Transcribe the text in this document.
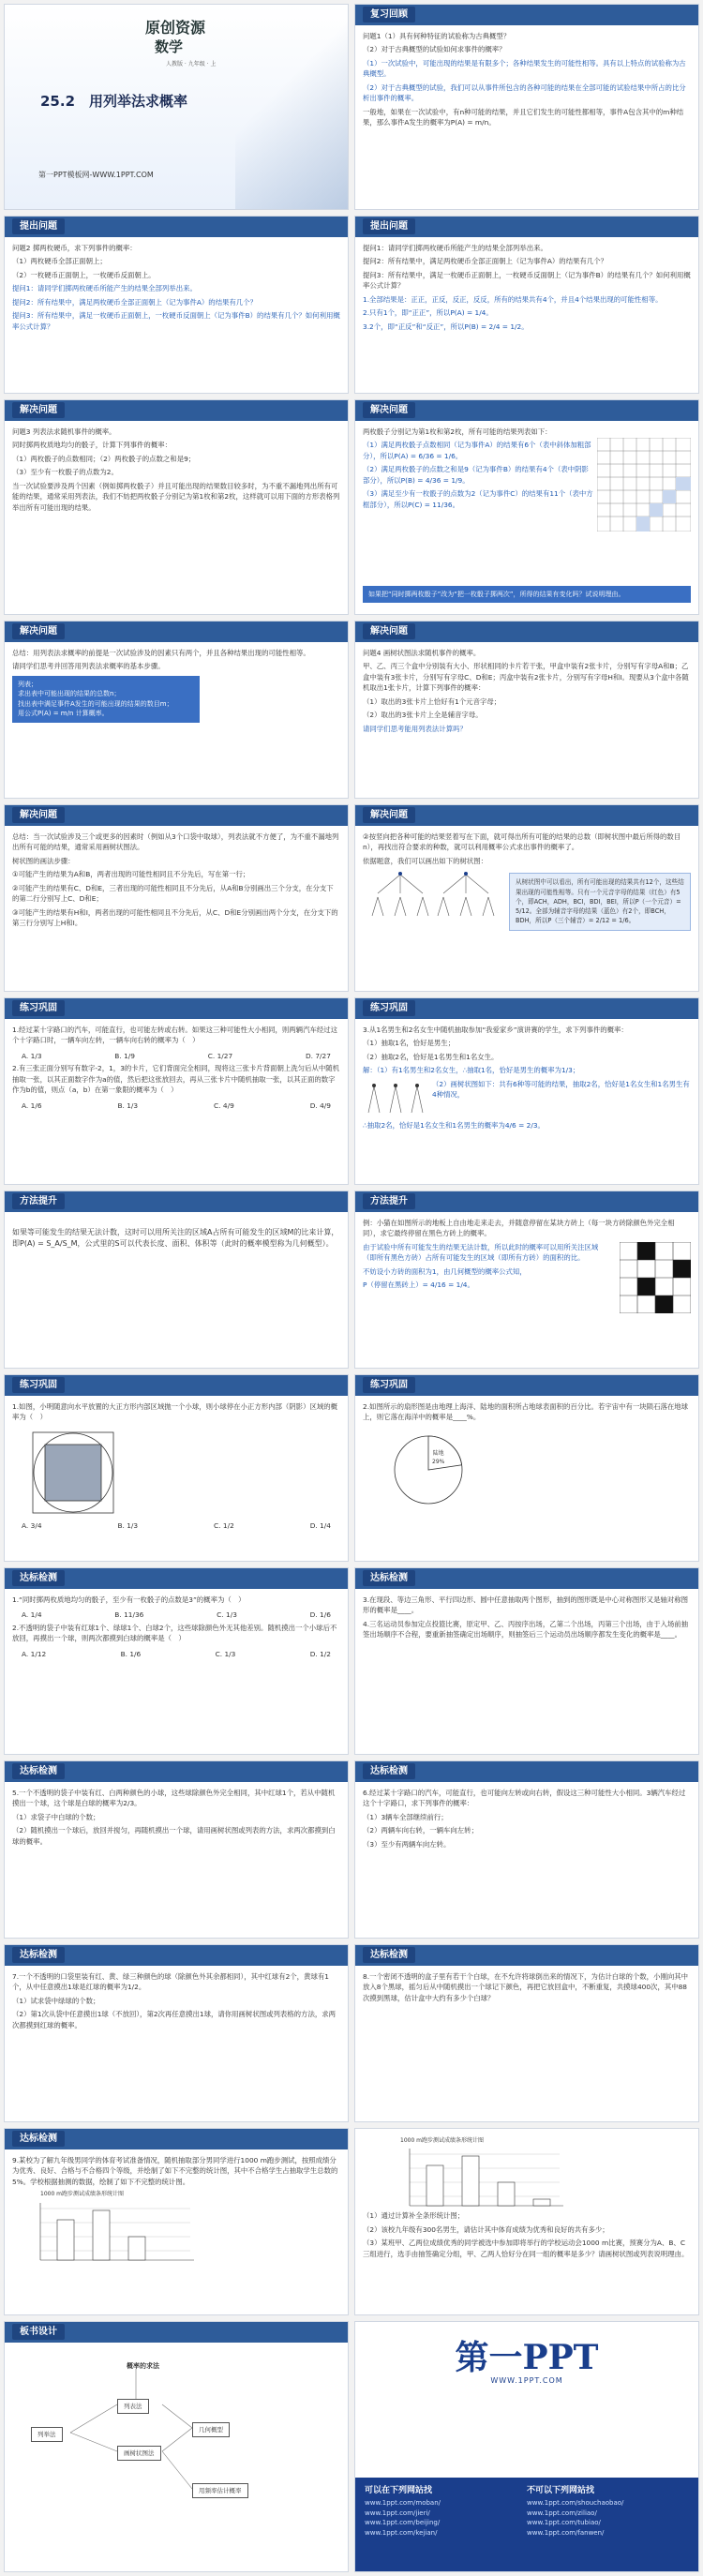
原创资源
数学
人教版 · 九年级 · 上
25.2　用列举法求概率
第一PPT模板网-WWW.1PPT.COM
复习回顾

问题1（1）具有何种特征的试验称为古典概型？

（2）对于古典概型的试验如何求事件的概率？

（1）一次试验中，可能出现的结果是有限多个；各种结果发生的可能性相等。具有以上特点的试验称为古典概型。

（2）对于古典概型的试验，我们可以从事件所包含的各种可能的结果在全部可能的试验结果中所占的比分析出事件的概率。

一般地，如果在一次试验中，有n种可能的结果，并且它们发生的可能性都相等，事件A包含其中的m种结果，那么事件A发生的概率为P(A) = m/n。

提出问题

问题2 掷两枚硬币，求下列事件的概率：

（1）两枚硬币全部正面朝上；

（2）一枚硬币正面朝上，一枚硬币反面朝上。

提问1：请同学们掷两枚硬币所能产生的结果全部列举出来。

提问2：所有结果中，满足两枚硬币全部正面朝上（记为事件A）的结果有几个？

提问3：所有结果中，满足一枚硬币正面朝上，一枚硬币反面朝上（记为事件B）的结果有几个？如何利用概率公式计算？

提出问题

提问1：请同学们掷两枚硬币所能产生的结果全部列举出来。

提问2：所有结果中，满足两枚硬币全部正面朝上（记为事件A）的结果有几个？

提问3：所有结果中，满足一枚硬币正面朝上，一枚硬币反面朝上（记为事件B）的结果有几个？如何利用概率公式计算？

1.全部结果是：正正，正反，反正，反反，所有的结果共有4个，并且4个结果出现的可能性相等。

2.只有1个，即“正正”，所以P(A) = 1/4。

3.2个，即“正反”和“反正”，所以P(B) = 2/4 = 1/2。

解决问题

问题3 列表法求随机事件的概率。

同时掷两枚质地均匀的骰子，计算下列事件的概率：

（1）两枚骰子的点数相同；（2）两枚骰子的点数之和是9；

（3）至少有一枚骰子的点数为2。

当一次试验要涉及两个因素（例如掷两枚骰子）并且可能出现的结果数目较多时，为不重不漏地列出所有可能的结果，通常采用列表法，我们不妨把两枚骰子分别记为第1枚和第2枚，这样就可以用下面的方形表格列举出所有可能出现的结果。

解决问题

两枚骰子分别记为第1枚和第2枚，所有可能的结果列表如下：

（1）满足两枚骰子点数相同（记为事件A）的结果有6个（表中斜体加粗部分），所以P(A) = 6/36 = 1/6。

（2）满足两枚骰子的点数之和是9（记为事件B）的结果有4个（表中阴影部分），所以P(B) = 4/36 = 1/9。

（3）满足至少有一枚骰子的点数为2（记为事件C）的结果有11个（表中方框部分），所以P(C) = 11/36。

如果把“同时掷两枚骰子”改为“把一枚骰子掷两次”，所得的结果有变化吗？试说明理由。
解决问题

总结：用列表法求概率的前提是一次试验涉及的因素只有两个，并且各种结果出现的可能性相等。

请同学们思考并回答用列表法求概率的基本步骤。

列表；
求出表中可能出现的结果的总数n；
找出表中满足事件A发生的可能出现的结果的数目m；
用公式P(A) = m/n 计算概率。
解决问题

问题4 画树状图法求随机事件的概率。

甲、乙、丙三个盒中分别装有大小、形状相同的卡片若干张，甲盒中装有2张卡片，分别写有字母A和B；乙盒中装有3张卡片，分别写有字母C、D和E；丙盒中装有2张卡片，分别写有字母H和I。现要从3个盒中各随机取出1张卡片，计算下列事件的概率：

（1）取出的3张卡片上恰好有1个元音字母；

（2）取出的3张卡片上全是辅音字母。

请同学们思考能用列表法计算吗？

解决问题

总结：当一次试验涉及三个或更多的因素时（例如从3个口袋中取球），列表法就不方便了，为不重不漏地列出所有可能的结果，通常采用画树状图法。

树状图的画法步骤：

①可能产生的结果为A和B，两者出现的可能性相同且不分先后，写在第一行；

②可能产生的结果有C、D和E，三者出现的可能性相同且不分先后，从A和B分别画出三个分支，在分支下的第二行分别写上C、D和E；

③可能产生的结果有H和I，两者出现的可能性相同且不分先后，从C、D和E分别画出两个分支，在分支下的第三行分别写上H和I。

解决问题

②按竖向把各种可能的结果竖着写在下面，就可得出所有可能的结果的总数（即树状图中最后所得的数目n），再找出符合要求的种数，就可以利用概率公式求出事件的概率了。

依据题意，我们可以画出如下的树状图：

从树状图中可以看出，所有可能出现的结果共有12个，这些结果出现的可能性相等。只有一个元音字母的结果（红色）有5个，即ACH，ADH，BCI，BDI，BEI，所以P（一个元音）= 5/12。全部为辅音字母的结果（蓝色）有2个，即BCH，BDH，所以P（三个辅音）= 2/12 = 1/6。
练习巩固

1.经过某十字路口的汽车，可能直行，也可能左转或右转。如果这三种可能性大小相同，则两辆汽车经过这个十字路口时，一辆车向左转，一辆车向右转的概率为（　）

A. 1/3	B. 1/9	C. 1/27	D. 7/27

2.有三张正面分别写有数字-2，1，3的卡片，它们背面完全相同，现将这三张卡片背面朝上洗匀后从中随机抽取一张，以其正面数字作为a的值，然后把这张放回去，再从三张卡片中随机抽取一张，以其正面的数字作为b的值，则点（a，b）在第一象限的概率为（　）

A. 1/6	B. 1/3	C. 4/9	D. 4/9
练习巩固

3.从1名男生和2名女生中随机抽取参加“我爱家乡”演讲赛的学生，求下列事件的概率：

（1）抽取1名，恰好是男生；

（2）抽取2名，恰好是1名男生和1名女生。

解：（1）有1名男生和2名女生，∴抽取1名，恰好是男生的概率为1/3；

（2）画树状图如下：共有6种等可能的结果，抽取2名，恰好是1名女生和1名男生有4种情况，

∴抽取2名，恰好是1名女生和1名男生的概率为4/6 = 2/3。

方法提升

如果等可能发生的结果无法计数，这时可以用所关注的区域A占所有可能发生的区域M的比来计算，即P(A) = S_A/S_M，公式里的S可以代表长度、面积、体积等（此时的概率模型称为几何概型）。

方法提升

例：小猫在如图所示的地板上自由地走来走去，并随意停留在某块方砖上（每一块方砖除颜色外完全相同），求它最终停留在黑色方砖上的概率。

由于试验中所有可能发生的结果无法计数，所以此时的概率可以用所关注区域（即所有黑色方砖）占所有可能发生的区域（即所有方砖）的面积的比。

不妨设小方砖的面积为1，由几何概型的概率公式知，

P（停留在黑砖上）= 4/16 = 1/4。

练习巩固

1.如图，小明随意向水平放置的大正方形内部区域抛一个小球，则小球停在小正方形内部（阴影）区域的概率为（　）

A. 3/4	B. 1/3	C. 1/2	D. 1/4
练习巩固

2.如图所示的扇形图是由地理上海洋、陆地的面积所占地球表面积的百分比。若宇宙中有一块陨石落在地球上，则它落在海洋中的概率是____%。

陆地
29%
达标检测

1.“同时掷两枚质地均匀的骰子，至少有一枚骰子的点数是3”的概率为（　）

A. 1/4	B. 11/36	C. 1/3	D. 1/6

2.不透明的袋子中装有红球1个、绿球1个、白球2个，这些球除颜色外无其他差别。随机摸出一个小球后不放回，再摸出一个球，则两次都摸到白球的概率是（　）

A. 1/12	B. 1/6	C. 1/3	D. 1/2
达标检测

3.在现段、等边三角形、平行四边形、圆中任意抽取两个图形，抽到的图形既是中心对称图形又是轴对称图形的概率是____。

4.三名运动员参加定点投篮比赛，原定甲、乙、丙按序出场，乙第二个出场，丙第三个出场，由于入场前抽签出场顺序不合程，要重新抽签确定出场顺序，则抽签后三个运动员出场顺序都发生变化的概率是____。

达标检测

5.一个不透明的袋子中装有红、白两种颜色的小球，这些球除颜色外完全相同，其中红球1个，若从中随机摸出一个球，这个球是白球的概率为2/3。

（1）求袋子中白球的个数；

（2）随机摸出一个球后，放回并搅匀，再随机摸出一个球，请用画树状图或列表的方法，求两次都摸到白球的概率。

达标检测

6.经过某十字路口的汽车，可能直行，也可能向左转或向右转，假设这三种可能性大小相同。3辆汽车经过这个十字路口，求下列事件的概率：

（1）3辆车全部继续前行；

（2）两辆车向右转，一辆车向左转；

（3）至少有两辆车向左转。

达标检测

7.一个不透明的口袋里装有红、黄、绿三种颜色的球（除颜色外其余都相同），其中红球有2个，黄球有1个，从中任意摸出1球是红球的概率为1/2。

（1）试求袋中绿球的个数；

（2）第1次从袋中任意摸出1球（不放回），第2次再任意摸出1球，请你用画树状图或列表格的方法，求两次都摸到红球的概率。

达标检测

8.一个密闭不透明的盒子里有若干个白球，在不允许将球倒出来的情况下，为估计白球的个数，小刚向其中放入8个黑球，摇匀后从中随机摸出一个球记下颜色，再把它放回盒中，不断重复，共摸球400次，其中88次摸到黑球，估计盒中大约有多少个白球？

达标检测

9.某校为了解九年级男同学的体育考试准备情况，随机抽取部分男同学进行1000 m跑步测试，按照成绩分为优秀、良好、合格与不合格四个等级，并绘制了如下不完整的统计图，其中不合格学生占抽取学生总数的5%。学校根据抽测的数据，绘制了如下不完整的统计图。

1000 m跑步测试成绩条形统计图
1000 m跑步测试成绩条形统计图

（1）通过计算补全条形统计图；

（2）该校九年级有300名男生，请估计其中体育成绩为优秀和良好的共有多少；

（3）某班甲、乙两位成绩优秀的同学被选中参加即将举行的学校运动会1000 m比赛，预赛分为A、B、C三组进行，选手由抽签确定分组，甲、乙两人恰好分在同一组的概率是多少？请画树状图或列表说明理由。

板书设计
概率的求法
列举法
列表法
画树状图法
几何概型
用频率估计概率
第一PPT
WWW.1PPT.COM
可以在下列网站找
www.1ppt.com/moban/
www.1ppt.com/jieri/
www.1ppt.com/beijing/
www.1ppt.com/kejian/
不可以下列网站找
www.1ppt.com/shouchaobao/
www.1ppt.com/ziliao/
www.1ppt.com/tubiao/
www.1ppt.com/fanwen/
